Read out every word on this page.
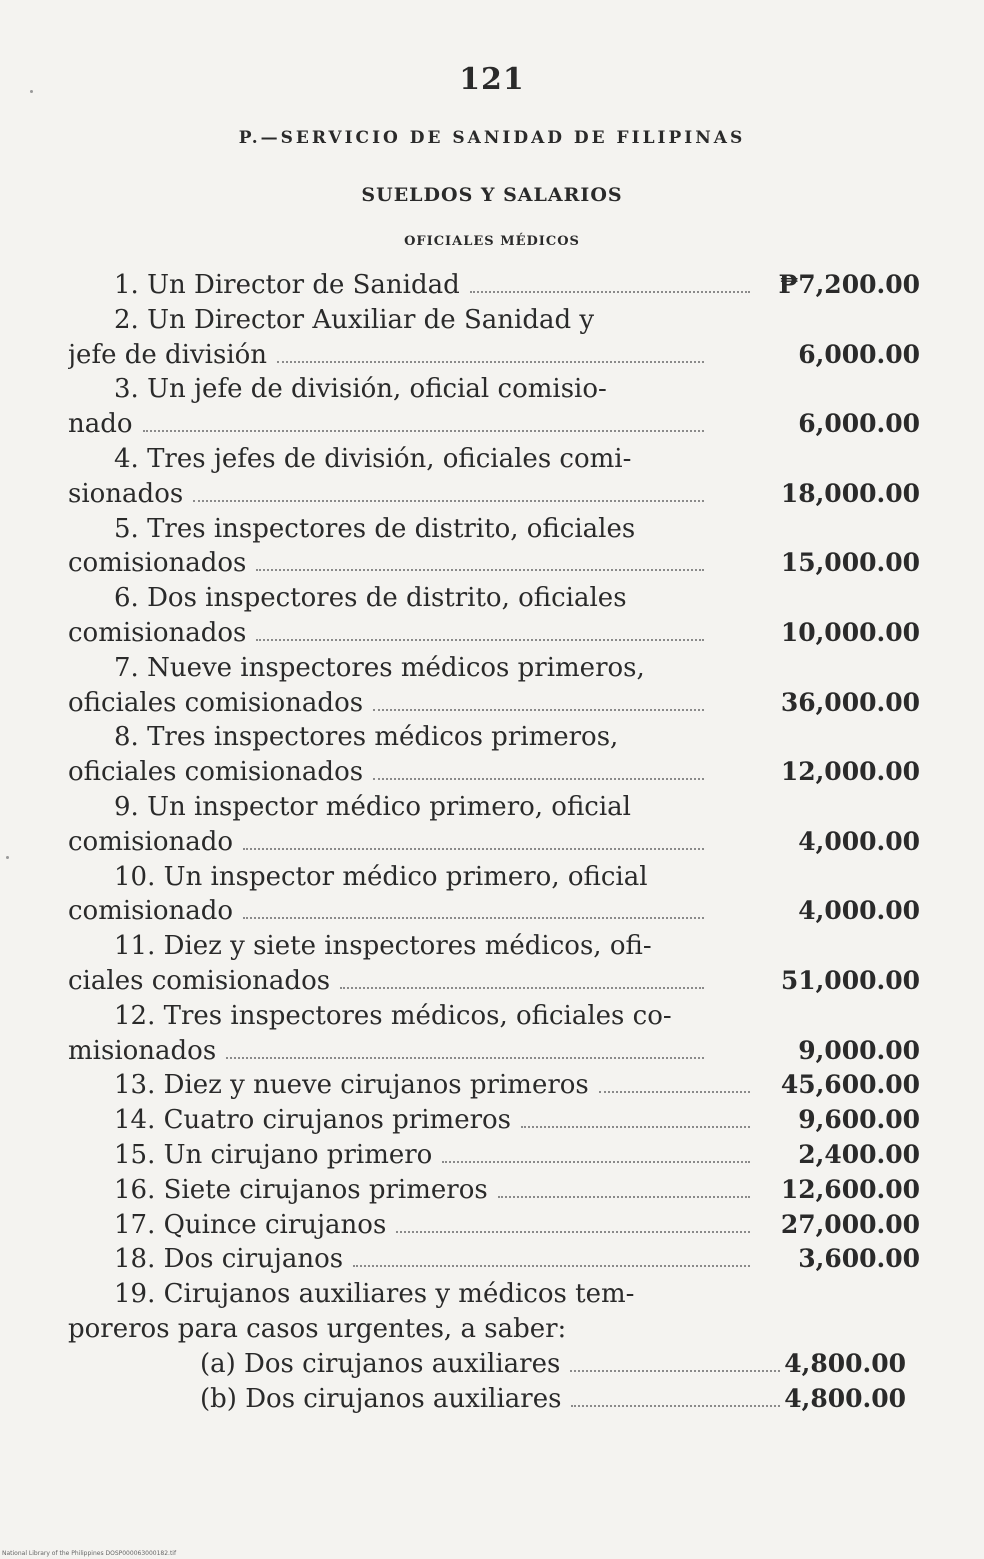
121
P.—SERVICIO DE SANIDAD DE FILIPINAS
SUELDOS Y SALARIOS
OFICIALES MÉDICOS
1. Un Director de Sanidad	₱7,200.00
2. Un Director Auxiliar de Sanidad y
jefe de división	6,000.00
3. Un jefe de división, oficial comisio-
nado	6,000.00
4. Tres jefes de división, oficiales comi-
sionados	18,000.00
5. Tres inspectores de distrito, oficiales
comisionados	15,000.00
6. Dos inspectores de distrito, oficiales
comisionados	10,000.00
7. Nueve inspectores médicos primeros,
oficiales comisionados	36,000.00
8. Tres inspectores médicos primeros,
oficiales comisionados	12,000.00
9. Un inspector médico primero, oficial
comisionado	4,000.00
10. Un inspector médico primero, oficial
comisionado	4,000.00
11. Diez y siete inspectores médicos, ofi-
ciales comisionados	51,000.00
12. Tres inspectores médicos, oficiales co-
misionados	9,000.00
13. Diez y nueve cirujanos primeros	45,600.00
14. Cuatro cirujanos primeros	9,600.00
15. Un cirujano primero	2,400.00
16. Siete cirujanos primeros	12,600.00
17. Quince cirujanos	27,000.00
18. Dos cirujanos	3,600.00
19. Cirujanos auxiliares y médicos tem-
poreros para casos urgentes, a saber:
(a) Dos cirujanos auxiliares	4,800.00
(b) Dos cirujanos auxiliares	4,800.00
National Library of the Philippines DOSP000063000182.tif
